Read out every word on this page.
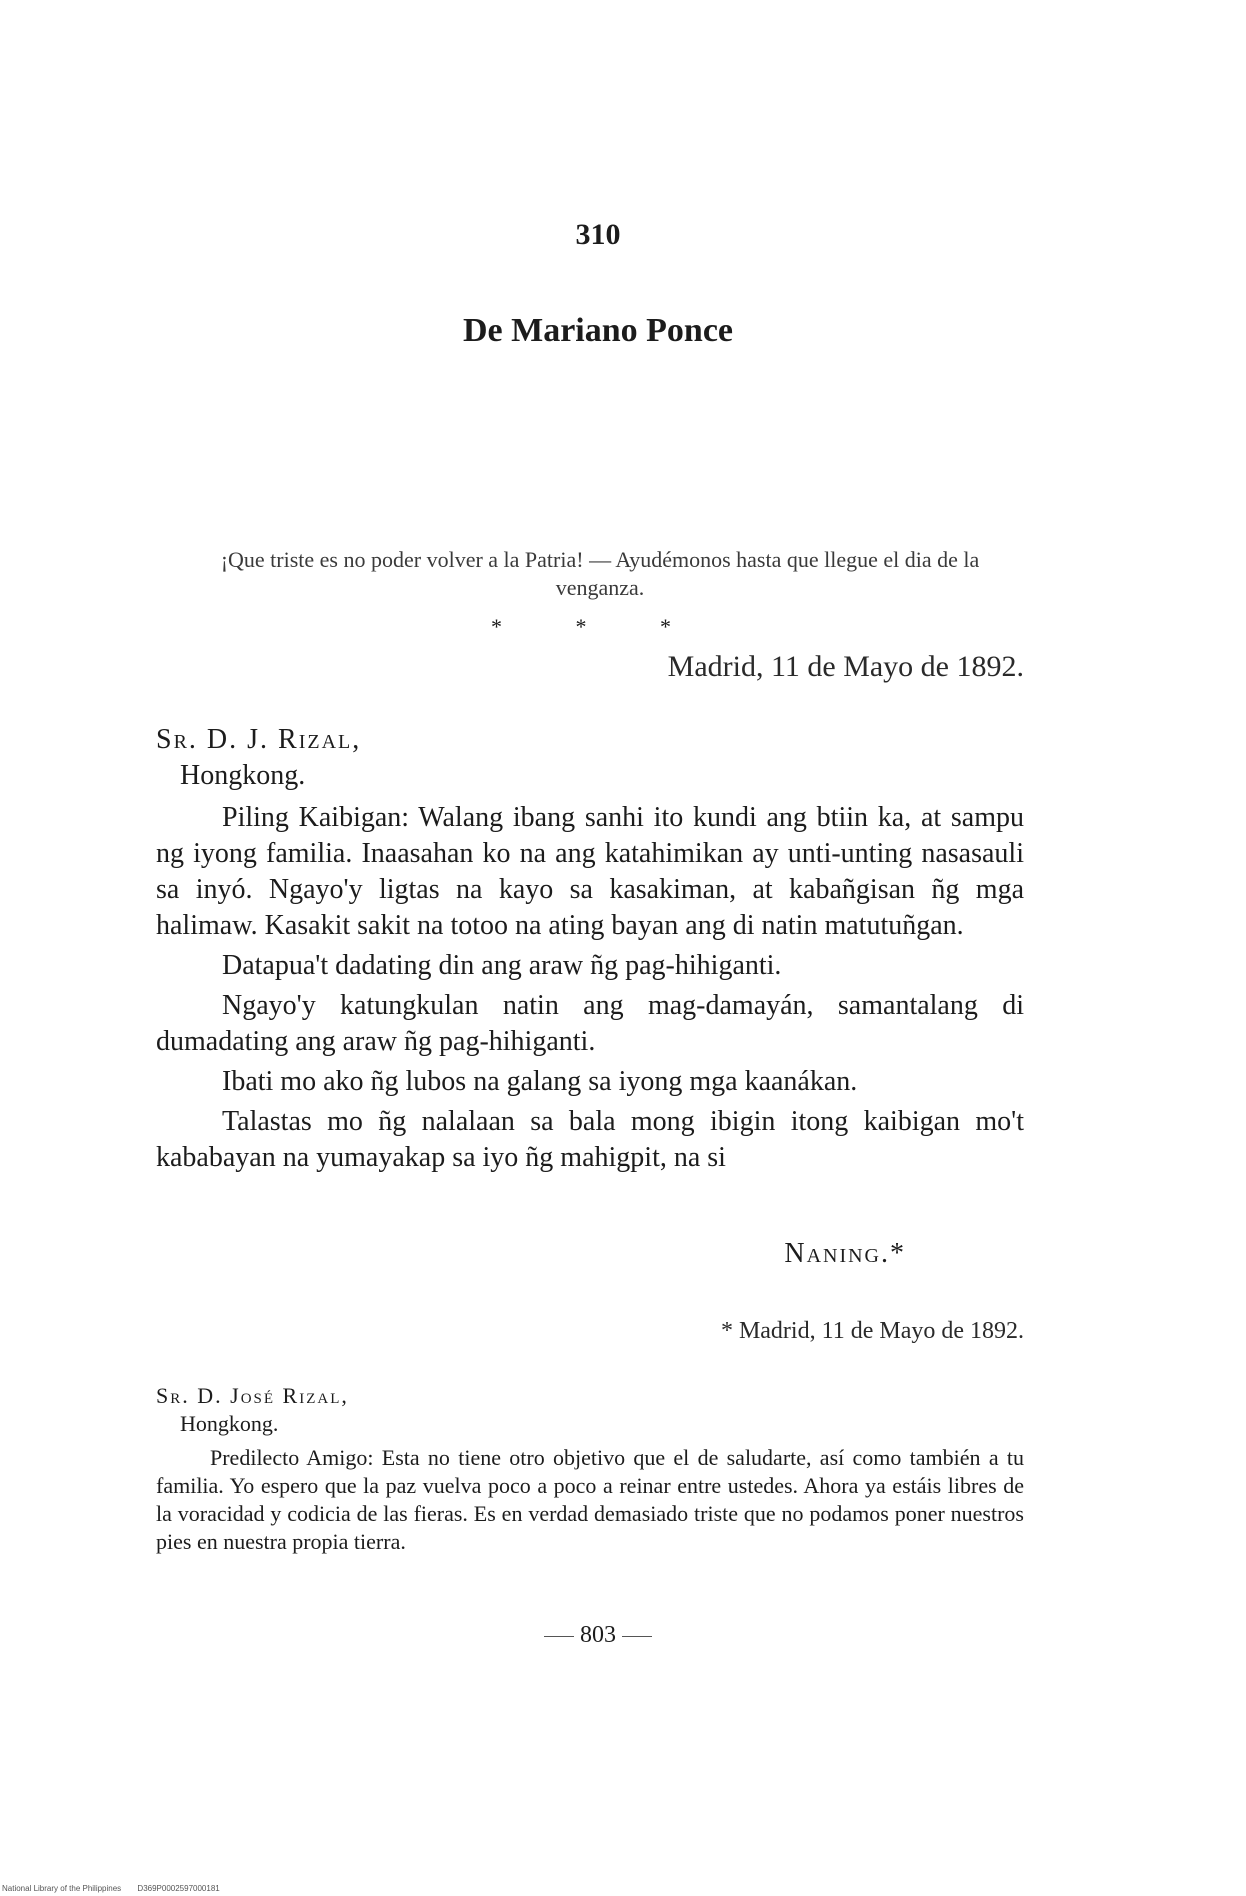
310
De Mariano Ponce
¡Que triste es no poder volver a la Patria! — Ayudémonos hasta que llegue el dia de la venganza.
* * *
Madrid, 11 de Mayo de 1892.
Sr. D. J. Rizal,
Hongkong.

Piling Kaibigan: Walang ibang sanhi ito kundi ang btiin ka, at sampu ng iyong familia. Inaasahan ko na ang katahimikan ay unti-unting nasasauli sa inyó. Ngayo'y ligtas na kayo sa kasakiman, at kabañgisan ñg mga halimaw. Kasakit sakit na totoo na ating bayan ang di natin matutuñgan.

Datapua't dadating din ang araw ñg pag-hihiganti.

Ngayo'y katungkulan natin ang mag-damayán, samantalang di dumadating ang araw ñg pag-hihiganti.

Ibati mo ako ñg lubos na galang sa iyong mga kaanákan.

Talastas mo ñg nalalaan sa bala mong ibigin itong kaibigan mo't kababayan na yumayakap sa iyo ñg mahigpit, na si

Naning.*
* Madrid, 11 de Mayo de 1892.
Sr. D. José Rizal,
Hongkong.

Predilecto Amigo: Esta no tiene otro objetivo que el de saludarte, así como también a tu familia. Yo espero que la paz vuelva poco a poco a reinar entre ustedes. Ahora ya estáis libres de la voracidad y codicia de las fieras. Es en verdad demasiado triste que no podamos poner nuestros pies en nuestra propia tierra.

803
National Library of the Philippines D369P0002597000181
